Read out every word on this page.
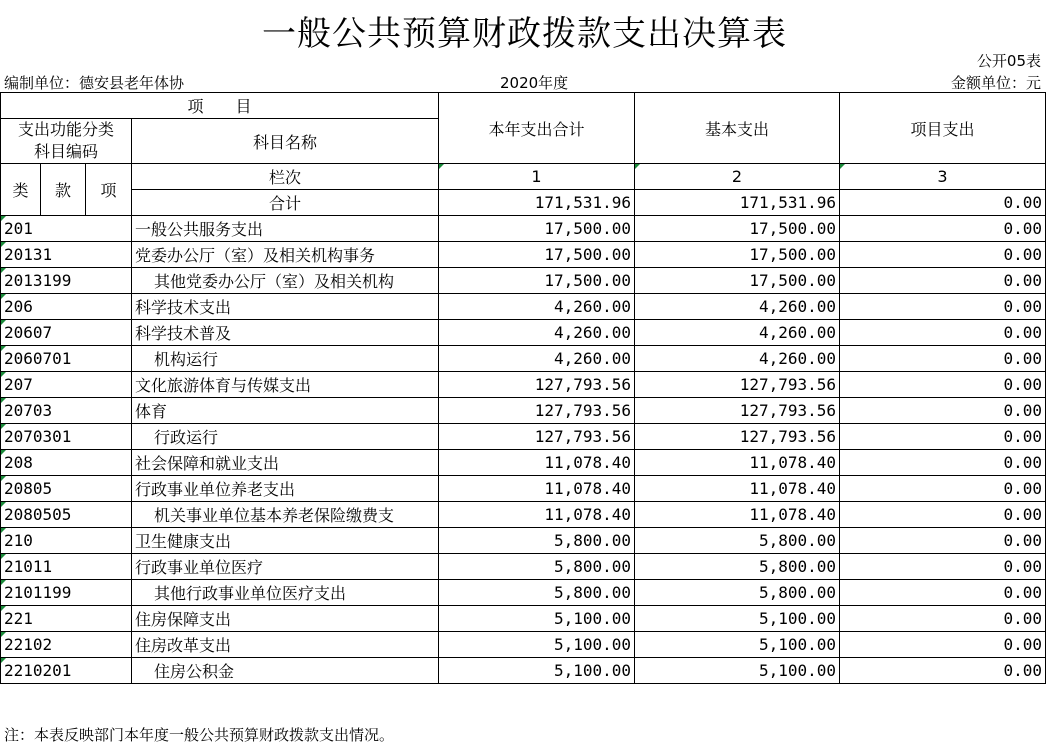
一般公共预算财政拨款支出决算表
公开05表
编制单位：德安县老年体协	2020年度	金额单位：元
项　　目				本年支出合计	基本支出	项目支出
支出功能分类
科目编码			科目名称			
类	款	项	栏次	1	2	3
			合计	171,531.96	171,531.96	0.00
201			一般公共服务支出	17,500.00	17,500.00	0.00
20131			党委办公厅（室）及相关机构事务	17,500.00	17,500.00	0.00
2013199			其他党委办公厅（室）及相关机构	17,500.00	17,500.00	0.00
206			科学技术支出	4,260.00	4,260.00	0.00
20607			科学技术普及	4,260.00	4,260.00	0.00
2060701			机构运行	4,260.00	4,260.00	0.00
207			文化旅游体育与传媒支出	127,793.56	127,793.56	0.00
20703			体育	127,793.56	127,793.56	0.00
2070301			行政运行	127,793.56	127,793.56	0.00
208			社会保障和就业支出	11,078.40	11,078.40	0.00
20805			行政事业单位养老支出	11,078.40	11,078.40	0.00
2080505			机关事业单位基本养老保险缴费支	11,078.40	11,078.40	0.00
210			卫生健康支出	5,800.00	5,800.00	0.00
21011			行政事业单位医疗	5,800.00	5,800.00	0.00
2101199			其他行政事业单位医疗支出	5,800.00	5,800.00	0.00
221			住房保障支出	5,100.00	5,100.00	0.00
22102			住房改革支出	5,100.00	5,100.00	0.00
2210201			住房公积金	5,100.00	5,100.00	0.00
注：本表反映部门本年度一般公共预算财政拨款支出情况。
